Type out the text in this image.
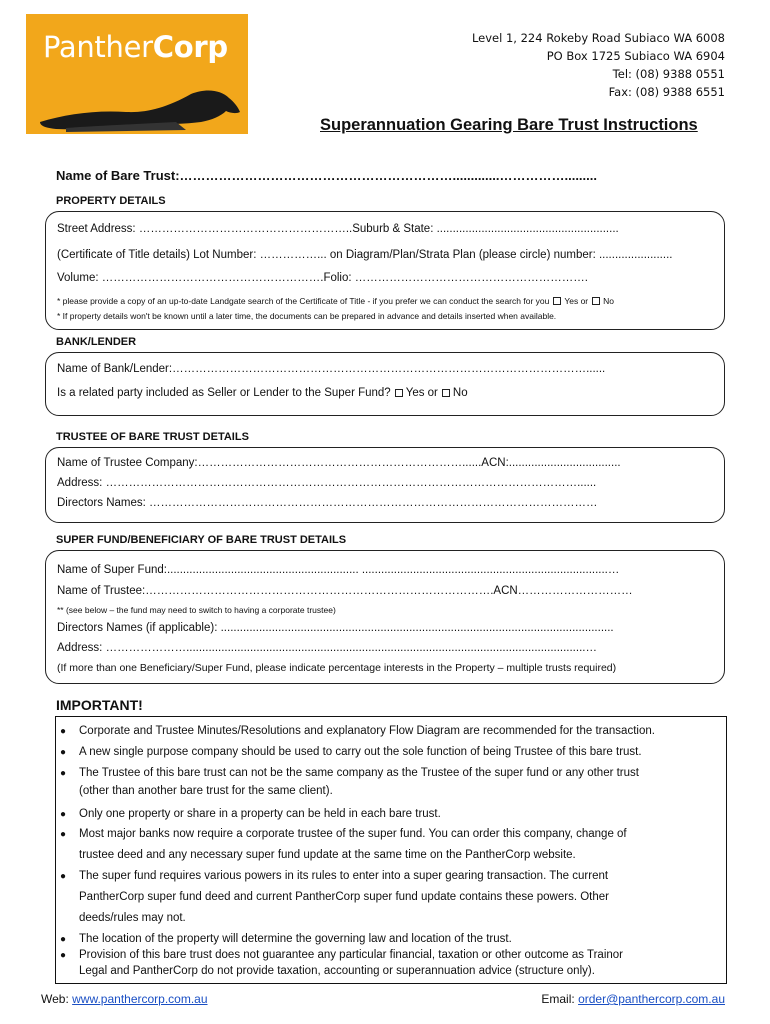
PantherCorp	Level 1, 224 Rokeby Road Subiaco WA 6008
PO Box 1725 Subiaco WA 6904
Tel: (08) 9388 0551
Fax: (08) 9388 6551
Superannuation Gearing Bare Trust Instructions
Name of Bare Trust:……………………………………………………….............…………….........
PROPERTY DETAILS
Street Address: ………………………………………………..Suburb & State: .........................................................
(Certificate of Title details) Lot Number: ……………... on Diagram/Plan/Strata Plan (please circle) number: .......................
Volume: ………………………………………………….Folio: …………………………………………………….
* please provide a copy of an up-to-date Landgate search of the Certificate of Title - if you prefer we can conduct the search for you Yes or No
* If property details won't be known until a later time, the documents can be prepared in advance and details inserted when available.
BANK/LENDER
Name of Bank/Lender:………………………………………………………………………………………………......
Is a related party included as Seller or Lender to the Super Fund? Yes or No
TRUSTEE OF BARE TRUST DETAILS
Name of Trustee Company:……………………………………………………………......ACN:...................................
Address: ……………………………………………………………………………………………………………......
Directors Names: ………………………………………………………………………………………………………
SUPER FUND/BENEFICIARY OF BARE TRUST DETAILS
Name of Super Fund:............................................................ .............................................................................…
Name of Trustee:……………………………………………………………………………….ACN…………………………
** (see below – the fund may need to switch to having a corporate trustee)
Directors Names (if applicable): ...........................................................................................................................
Address: ………………….............................................................................................................................…
(If more than one Beneficiary/Super Fund, please indicate percentage interests in the Property – multiple trusts required)
IMPORTANT!
●	Corporate and Trustee Minutes/Resolutions and explanatory Flow Diagram are recommended for the transaction.
●	A new single purpose company should be used to carry out the sole function of being Trustee of this bare trust.
●	The Trustee of this bare trust can not be the same company as the Trustee of the super fund or any other trust
(other than another bare trust for the same client).
●	Only one property or share in a property can be held in each bare trust.
●	Most major banks now require a corporate trustee of the super fund. You can order this company, change of
trustee deed and any necessary super fund update at the same time on the PantherCorp website.
●	The super fund requires various powers in its rules to enter into a super gearing transaction. The current
PantherCorp super fund deed and current PantherCorp super fund update contains these powers. Other
deeds/rules may not.
●	The location of the property will determine the governing law and location of the trust.
●	Provision of this bare trust does not guarantee any particular financial, taxation or other outcome as Trainor
Legal and PantherCorp do not provide taxation, accounting or superannuation advice (structure only).
Web: www.panthercorp.com.au	Email: order@panthercorp.com.au
